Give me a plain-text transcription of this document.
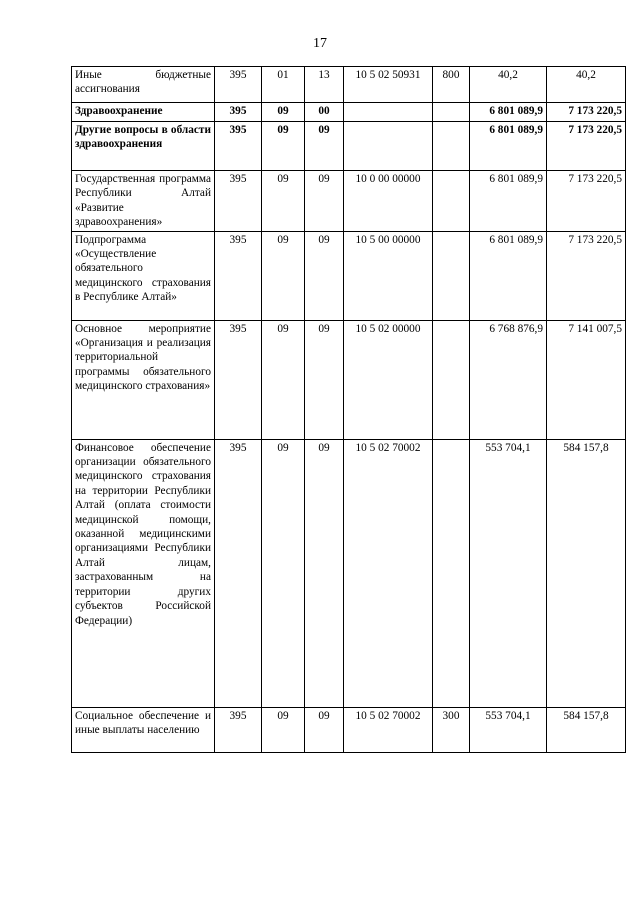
17
Иные бюджетные ассигнования	395	01	13	10 5 02 50931	800	40,2	40,2
Здравоохранение	395	09	00			6 801 089,9	7 173 220,5
Другие вопросы в области здравоохранения	395	09	09			6 801 089,9	7 173 220,5
Государственная программа Республики Алтай «Развитие здравоохранения»	395	09	09	10 0 00 00000		6 801 089,9	7 173 220,5
Подпрограмма «Осуществление обязательного медицинского страхования в Республике Алтай»	395	09	09	10 5 00 00000		6 801 089,9	7 173 220,5
Основное мероприятие «Организация и реализация территориальной программы обязательного медицинского страхования»	395	09	09	10 5 02 00000		6 768 876,9	7 141 007,5
Финансовое обеспечение организации обязательного медицинского страхования на территории Республики Алтай (оплата стоимости медицинской помощи, оказанной медицинскими организациями Республики Алтай лицам, застрахованным на территории других субъектов Российской Федерации)	395	09	09	10 5 02 70002		553 704,1	584 157,8
Социальное обеспечение и иные выплаты населению	395	09	09	10 5 02 70002	300	553 704,1	584 157,8
